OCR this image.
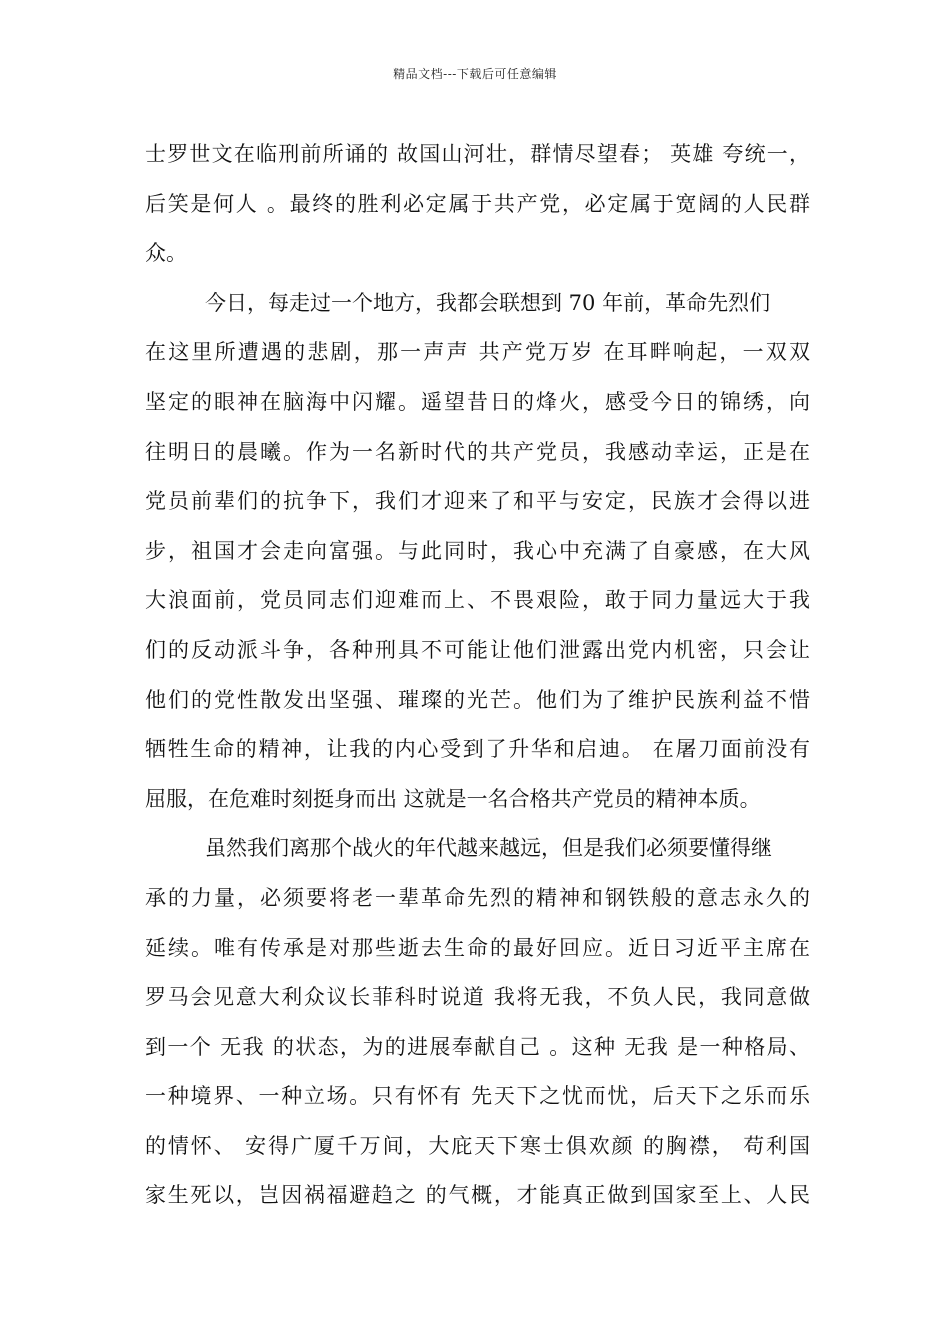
精品文档---下载后可任意编辑
士罗世文在临刑前所诵的 故国山河壮，群情尽望春； 英雄 夸统一，
后笑是何人 。最终的胜利必定属于共产党，必定属于宽阔的人民群
众。
今日，每走过一个地方，我都会联想到 70 年前，革命先烈们
在这里所遭遇的悲剧，那一声声 共产党万岁 在耳畔响起，一双双
坚定的眼神在脑海中闪耀。遥望昔日的烽火，感受今日的锦绣，向
往明日的晨曦。作为一名新时代的共产党员，我感动幸运，正是在
党员前辈们的抗争下，我们才迎来了和平与安定，民族才会得以进
步，祖国才会走向富强。与此同时，我心中充满了自豪感，在大风
大浪面前，党员同志们迎难而上、不畏艰险，敢于同力量远大于我
们的反动派斗争，各种刑具不可能让他们泄露出党内机密，只会让
他们的党性散发出坚强、璀璨的光芒。他们为了维护民族利益不惜
牺牲生命的精神，让我的内心受到了升华和启迪。 在屠刀面前没有
屈服，在危难时刻挺身而出 这就是一名合格共产党员的精神本质。
虽然我们离那个战火的年代越来越远，但是我们必须要懂得继
承的力量，必须要将老一辈革命先烈的精神和钢铁般的意志永久的
延续。唯有传承是对那些逝去生命的最好回应。近日习近平主席在
罗马会见意大利众议长菲科时说道 我将无我，不负人民，我同意做
到一个 无我 的状态，为的进展奉献自己 。这种 无我 是一种格局、
一种境界、一种立场。只有怀有 先天下之忧而忧，后天下之乐而乐
的情怀、 安得广厦千万间，大庇天下寒士俱欢颜 的胸襟， 苟利国
家生死以，岂因祸福避趋之 的气概，才能真正做到国家至上、人民
